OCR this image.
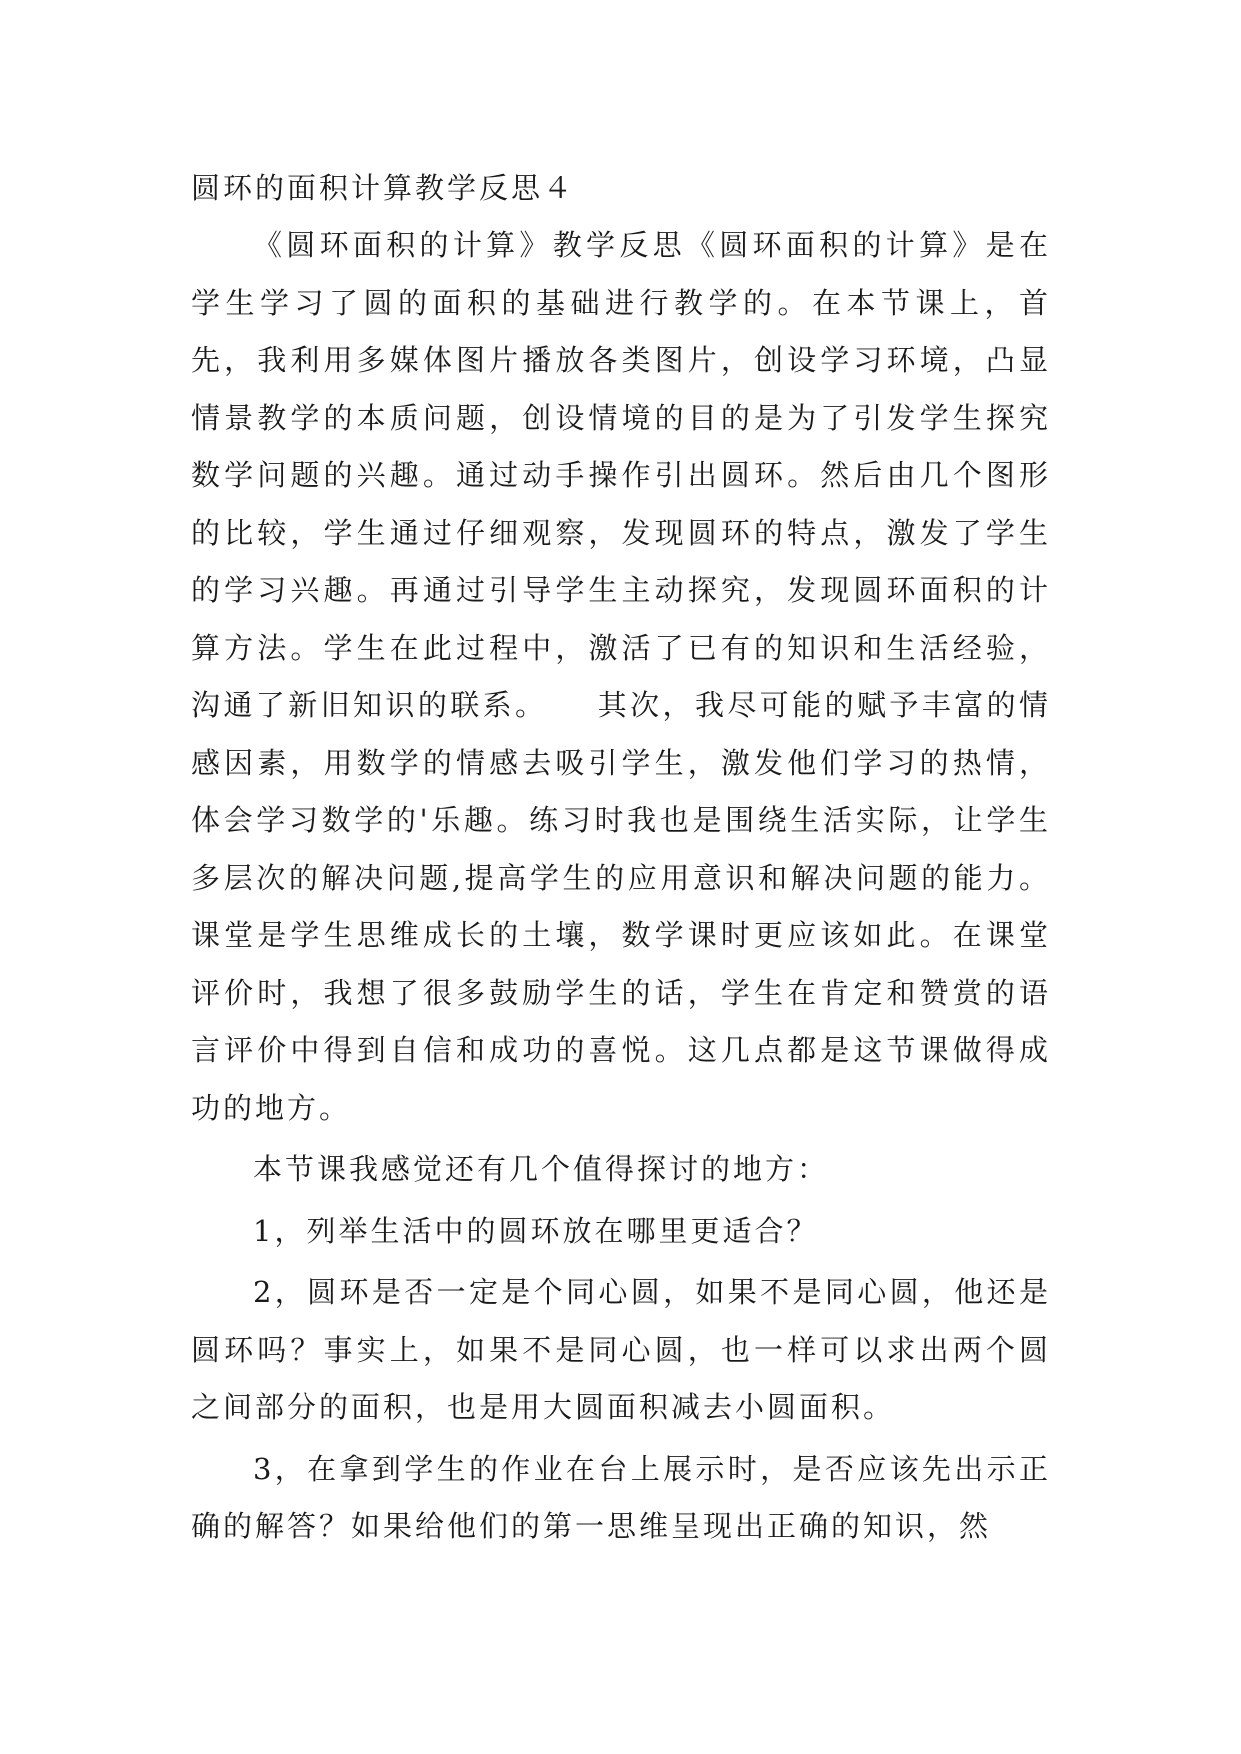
圆环的面积计算教学反思４

《圆环面积的计算》教学反思《圆环面积的计算》是在学生学习了圆的面积的基础进行教学的。在本节课上，首先，我利用多媒体图片播放各类图片，创设学习环境，凸显情景教学的本质问题，创设情境的目的是为了引发学生探究数学问题的兴趣。通过动手操作引出圆环。然后由几个图形的比较，学生通过仔细观察，发现圆环的特点，激发了学生的学习兴趣。再通过引导学生主动探究，发现圆环面积的计算方法。学生在此过程中，激活了已有的知识和生活经验，沟通了新旧知识的联系。　　其次，我尽可能的赋予丰富的情感因素，用数学的情感去吸引学生，激发他们学习的热情，体会学习数学的'乐趣。练习时我也是围绕生活实际，让学生多层次的解决问题,提高学生的应用意识和解决问题的能力。课堂是学生思维成长的土壤，数学课时更应该如此。在课堂评价时，我想了很多鼓励学生的话，学生在肯定和赞赏的语言评价中得到自信和成功的喜悦。这几点都是这节课做得成功的地方。

本节课我感觉还有几个值得探讨的地方：

1，列举生活中的圆环放在哪里更适合？

2，圆环是否一定是个同心圆，如果不是同心圆，他还是圆环吗？事实上，如果不是同心圆，也一样可以求出两个圆之间部分的面积，也是用大圆面积减去小圆面积。

3，在拿到学生的作业在台上展示时，是否应该先出示正确的解答？如果给他们的第一思维呈现出正确的知识，然
